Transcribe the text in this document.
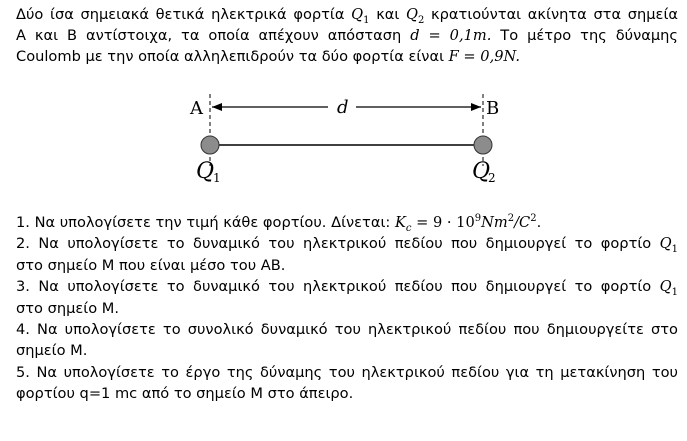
Δύο ίσα σημειακά θετικά ηλεκτρικά φορτία $Q_1$ και $Q_2$ κρατιούνται ακίνητα στα σημεία
Α και Β αντίστοιχα, τα οποία απέχουν απόσταση d = 0,1m. Το μέτρο της δύναμης
Coulomb με την οποία αλληλεπιδρούν τα δύο φορτία είναι F = 0,9N.
A	B
d
Q
1	Q
2
1. Να υπολογίσετε την τιμή κάθε φορτίου. Δίνεται: $K_c = 9 \cdot 10^9Nm^2/C^2$.
2. Να υπολογίσετε το δυναμικό του ηλεκτρικού πεδίου που δημιουργεί το φορτίο $Q_1$
στο σημείο Μ που είναι μέσο του ΑΒ.
3. Να υπολογίσετε το δυναμικό του ηλεκτρικού πεδίου που δημιουργεί το φορτίο $Q_1$
στο σημείο Μ.
4. Να υπολογίσετε το συνολικό δυναμικό του ηλεκτρικού πεδίου που δημιουργείτε στο
σημείο Μ.
5. Να υπολογίσετε το έργο της δύναμης του ηλεκτρικού πεδίου για τη μετακίνηση του
φορτίου q=1 mc από το σημείο Μ στο άπειρο.
